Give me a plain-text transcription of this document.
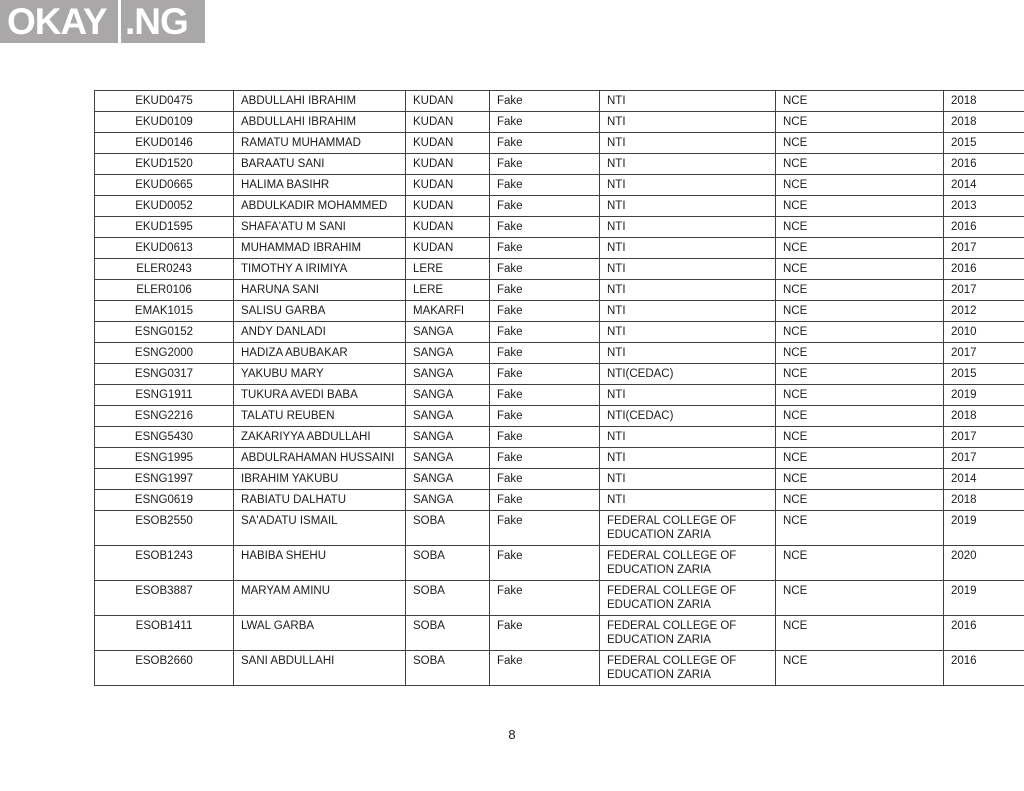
OKAY .NG
EKUD0475	ABDULLAHI IBRAHIM	KUDAN	Fake	NTI	NCE	2018
EKUD0109	ABDULLAHI IBRAHIM	KUDAN	Fake	NTI	NCE	2018
EKUD0146	RAMATU MUHAMMAD	KUDAN	Fake	NTI	NCE	2015
EKUD1520	BARAATU SANI	KUDAN	Fake	NTI	NCE	2016
EKUD0665	HALIMA BASIHR	KUDAN	Fake	NTI	NCE	2014
EKUD0052	ABDULKADIR MOHAMMED	KUDAN	Fake	NTI	NCE	2013
EKUD1595	SHAFA'ATU M SANI	KUDAN	Fake	NTI	NCE	2016
EKUD0613	MUHAMMAD IBRAHIM	KUDAN	Fake	NTI	NCE	2017
ELER0243	TIMOTHY A IRIMIYA	LERE	Fake	NTI	NCE	2016
ELER0106	HARUNA SANI	LERE	Fake	NTI	NCE	2017
EMAK1015	SALISU GARBA	MAKARFI	Fake	NTI	NCE	2012
ESNG0152	ANDY DANLADI	SANGA	Fake	NTI	NCE	2010
ESNG2000	HADIZA ABUBAKAR	SANGA	Fake	NTI	NCE	2017
ESNG0317	YAKUBU MARY	SANGA	Fake	NTI(CEDAC)	NCE	2015
ESNG1911	TUKURA AVEDI BABA	SANGA	Fake	NTI	NCE	2019
ESNG2216	TALATU REUBEN	SANGA	Fake	NTI(CEDAC)	NCE	2018
ESNG5430	ZAKARIYYA ABDULLAHI	SANGA	Fake	NTI	NCE	2017
ESNG1995	ABDULRAHAMAN HUSSAINI	SANGA	Fake	NTI	NCE	2017
ESNG1997	IBRAHIM YAKUBU	SANGA	Fake	NTI	NCE	2014
ESNG0619	RABIATU DALHATU	SANGA	Fake	NTI	NCE	2018
ESOB2550	SA'ADATU ISMAIL	SOBA	Fake	FEDERAL COLLEGE OF EDUCATION ZARIA	NCE	2019
ESOB1243	HABIBA SHEHU	SOBA	Fake	FEDERAL COLLEGE OF EDUCATION ZARIA	NCE	2020
ESOB3887	MARYAM AMINU	SOBA	Fake	FEDERAL COLLEGE OF EDUCATION ZARIA	NCE	2019
ESOB1411	LWAL GARBA	SOBA	Fake	FEDERAL COLLEGE OF EDUCATION ZARIA	NCE	2016
ESOB2660	SANI ABDULLAHI	SOBA	Fake	FEDERAL COLLEGE OF EDUCATION ZARIA	NCE	2016
8
